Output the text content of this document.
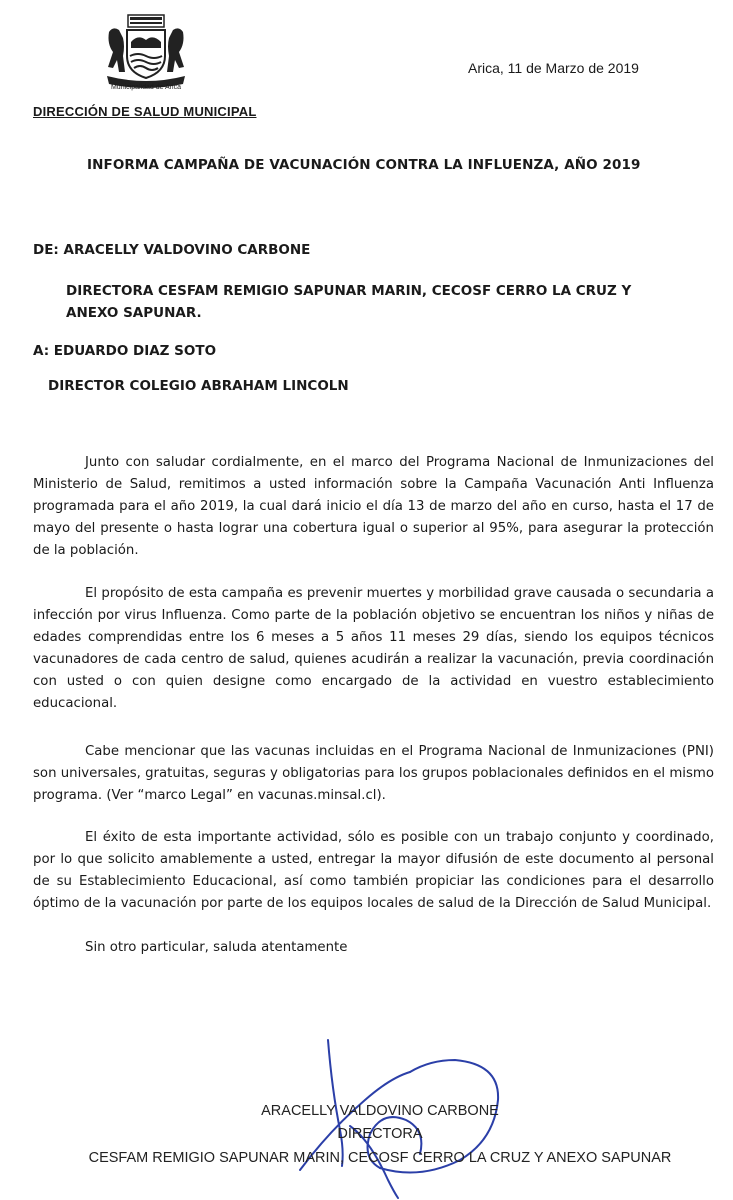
Municipalidad de Arica
Arica, 11 de Marzo de 2019
DIRECCIÓN DE SALUD MUNICIPAL
INFORMA CAMPAÑA DE VACUNACIÓN CONTRA LA INFLUENZA, AÑO 2019
DE: ARACELLY VALDOVINO CARBONE
DIRECTORA CESFAM REMIGIO SAPUNAR MARIN, CECOSF CERRO LA CRUZ Y ANEXO SAPUNAR.
A: EDUARDO DIAZ SOTO
DIRECTOR COLEGIO ABRAHAM LINCOLN

Junto con saludar cordialmente, en el marco del Programa Nacional de Inmunizaciones del Ministerio de Salud, remitimos a usted información sobre la Campaña Vacunación Anti Influenza programada para el año 2019, la cual dará inicio el día 13 de marzo del año en curso, hasta el 17 de mayo del presente o hasta lograr una cobertura igual o superior al 95%, para asegurar la protección de la población.

El propósito de esta campaña es prevenir muertes y morbilidad grave causada o secundaria a infección por virus Influenza. Como parte de la población objetivo se encuentran los niños y niñas de edades comprendidas entre los 6 meses a 5 años 11 meses 29 días, siendo los equipos técnicos vacunadores de cada centro de salud, quienes acudirán a realizar la vacunación, previa coordinación con usted o con quien designe como encargado de la actividad en vuestro establecimiento educacional.

Cabe mencionar que las vacunas incluidas en el Programa Nacional de Inmunizaciones (PNI) son universales, gratuitas, seguras y obligatorias para los grupos poblacionales definidos en el mismo programa. (Ver “marco Legal” en vacunas.minsal.cl).

El éxito de esta importante actividad, sólo es posible con un trabajo conjunto y coordinado, por lo que solicito amablemente a usted, entregar la mayor difusión de este documento al personal de su Establecimiento Educacional, así como también propiciar las condiciones para el desarrollo óptimo de la vacunación por parte de los equipos locales de salud de la Dirección de Salud Municipal.

Sin otro particular, saluda atentamente
ARACELLY VALDOVINO CARBONE
DIRECTORA
CESFAM REMIGIO SAPUNAR MARIN, CECOSF CERRO LA CRUZ Y ANEXO SAPUNAR
